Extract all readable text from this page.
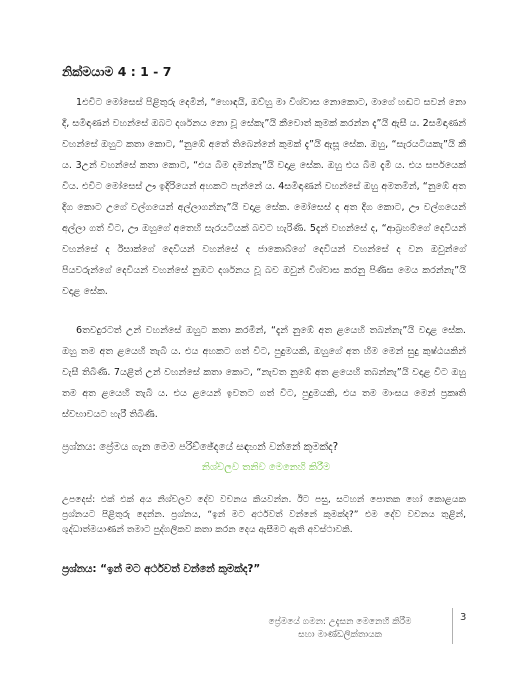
නික්මයාම 4 : 1 - 7

1එවිට මෝසෙස් පිළිතුරු දෙමින්, “හොඳයි, ඔව්හු මා විශ්වාස නොකොට, මාගේ හඬට සවන් නො දී, සමිඳාණන් වහන්සේ ඔබට දර්ශනය නො වූ සේකැ”යි කීවොත් කුමක් කරන්න දැ”යි ඇසී ය. 2සමිඳාණන් වහන්සේ ඔහුට කතා කොට, “නුඹේ අතේ තිබෙන්නේ කුමක් දැ”යි ඇසූ සේක. ඔහු, “සැරයටියකැ”යි කී ය. 3උන් වහන්සේ කතා කොට, “එය බිම දමන්නැ”යි වදාළ සේක. ඔහු එය බිම දැමී ය. එය සර්පයෙක් විය. එවිට මෝසෙස් ඌ ඉදිරියෙන් අහකට පැන්නේ ය. 4සමිඳාණන් වහන්සේ ඔහු අමතමින්, “නුඹේ අත දිග කොට උගේ වල්ගයෙන් අල්ලාගන්නැ”යි වදාළ සේක. මෝසෙස් ද අත දිග කොට, ඌ වල්ගයෙන් අල්ලා ගත් විට, ඌ ඔහුගේ අතෙහි සැරයටියක් බවට හැරිණි. 5දැන් වහන්සේ ද, “ආබ්‍රහම්ගේ දෙවියන් වහන්සේ ද ඊසාක්ගේ දෙවියන් වහන්සේ ද ජාකොබ්ගේ දෙවියන් වහන්සේ ද වන ඔවුන්ගේ පියවරුන්ගේ දෙවියන් වහන්සේ නුඹට දර්ශනය වූ බව ඔවුන් විශ්වාස කරනු පිණිස මෙය කරන්නැ”යි වදාළ සේක.

6තවදුරටත් උන් වහන්සේ ඔහුට කතා කරමින්, “දැන් නුඹේ අත ළයෙහි තබන්නැ”යි වදාළ සේක. ඔහු තම අත ළයෙහි තැබී ය. එය අහකට ගත් විට, පුදුමයකි, ඔහුගේ අත හිම මෙන් සුදු කුෂ්ඨයකින් වැසී තිබිණි. 7යළිත් උන් වහන්සේ කතා කොට, “නැවත නුඹේ අත ළයෙහි තබන්නැ”යි වදාළ විට ඔහු තම අත ළයෙහි තැබී ය. එය ළයෙන් ඉවතට ගත් විට, පුදුමයකි, එය තම මාංසය මෙන් ප්‍රකෘති ස්වභාවයට හැරී තිබිණි.

ප්‍රශ්නය: ප්‍රේමය ගැන මෙම පරිච්ඡේදයේ සඳහන් වන්නේ කුමක්ද?
නිශ්චලව තනිව මෙනෙහි කිරීම

උපදෙස්: එක් එක් අය නිශ්චලව දේව වචනය කියවන්න. ඊට පසු, සටහන් පොතක හෝ කොළයක ප්‍රශ්නයට පිළිතුරු දෙන්න. ප්‍රශ්නය, “ඉන් මට අර්ථවත් වන්නේ කුමක්ද?” එම දේව වචනය තුළින්, ශුද්ධාත්මයාණන් තමාට පුද්ගලිකව කතා කරන දෙය ඇසීමට ඇති අවස්ථාවකි.

ප්‍රශ්නය: “ඉන් මට අර්ථවත් වන්නේ කුමක්ද?”
ප්‍රේමයේ ගමන: උදැසන මෙනෙහි කිරීම
සහා මාණ්ඩලික්තායක
3
